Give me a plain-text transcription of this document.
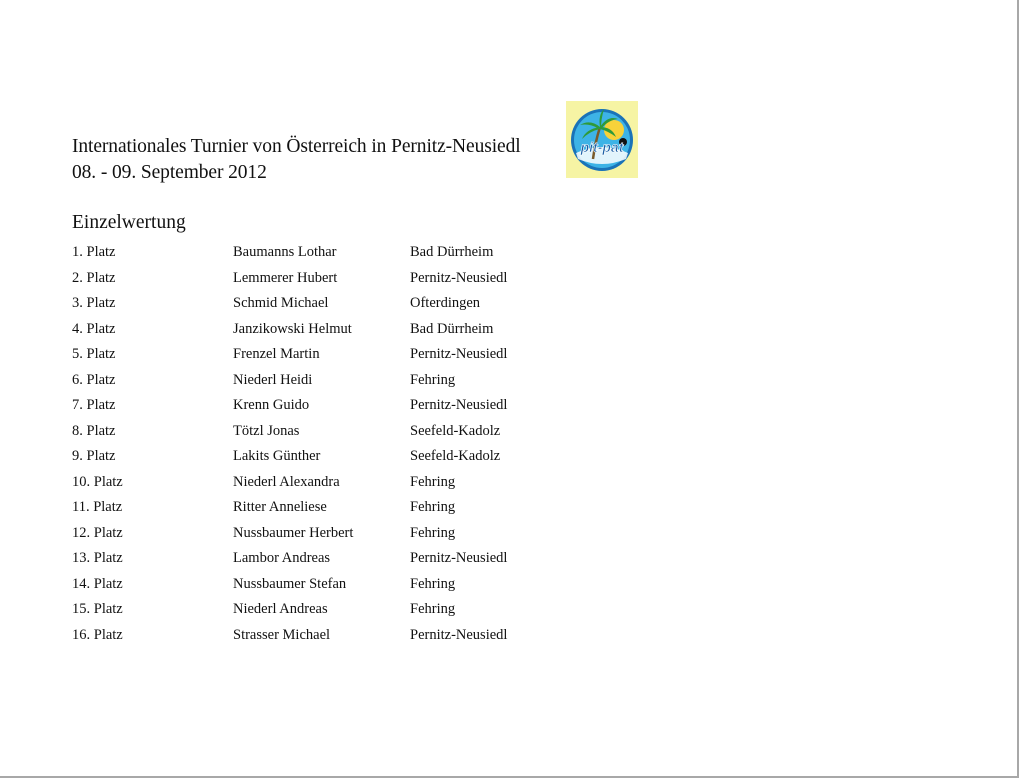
Internationales Turnier von Österreich in Pernitz-Neusiedl
08. - 09. September 2012
pit-pat
Einzelwertung
1. Platz	Baumanns Lothar	Bad Dürrheim
2. Platz	Lemmerer Hubert	Pernitz-Neusiedl
3. Platz	Schmid Michael	Ofterdingen
4. Platz	Janzikowski Helmut	Bad Dürrheim
5. Platz	Frenzel Martin	Pernitz-Neusiedl
6. Platz	Niederl Heidi	Fehring
7. Platz	Krenn Guido	Pernitz-Neusiedl
8. Platz	Tötzl Jonas	Seefeld-Kadolz
9. Platz	Lakits Günther	Seefeld-Kadolz
10. Platz	Niederl Alexandra	Fehring
11. Platz	Ritter Anneliese	Fehring
12. Platz	Nussbaumer Herbert	Fehring
13. Platz	Lambor Andreas	Pernitz-Neusiedl
14. Platz	Nussbaumer Stefan	Fehring
15. Platz	Niederl Andreas	Fehring
16. Platz	Strasser Michael	Pernitz-Neusiedl
